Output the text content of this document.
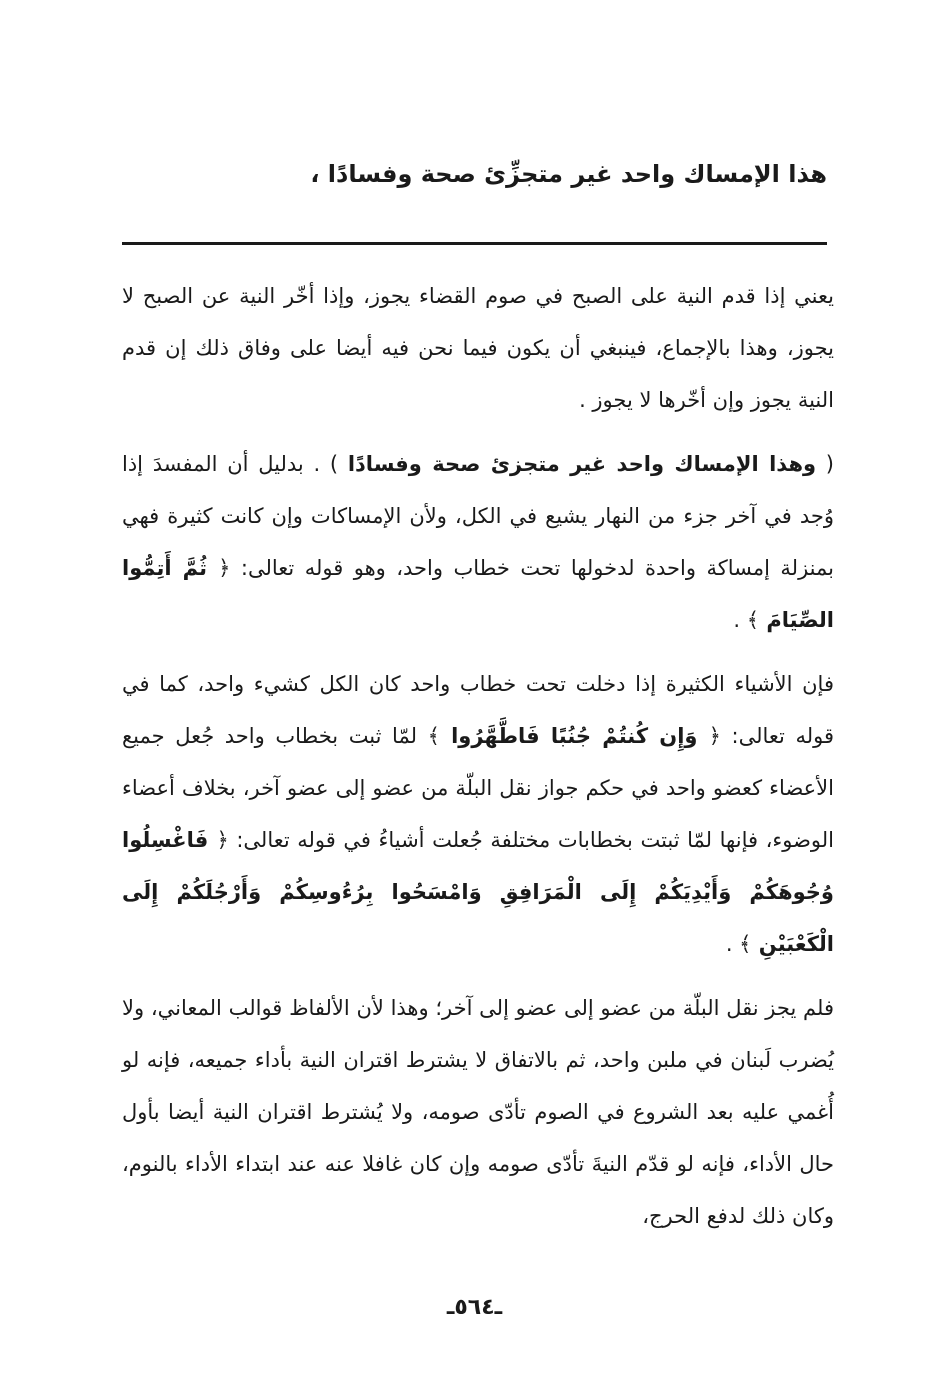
هذا الإمساك واحد غير متجزِّئ صحة وفسادًا ،

يعني إذا قدم النية على الصبح في صوم القضاء يجوز، وإذا أخّر النية عن الصبح لا يجوز، وهذا بالإجماع، فينبغي أن يكون فيما نحن فيه أيضا على وفاق ذلك إن قدم النية يجوز وإن أخّرها لا يجوز .

( وهذا الإمساك واحد غير متجزئ صحة وفسادًا ) . بدليل أن المفسدَ إذا وُجد في آخر جزء من النهار يشيع في الكل، ولأن الإمساكات وإن كانت كثيرة فهي بمنزلة إمساكة واحدة لدخولها تحت خطاب واحد، وهو قوله تعالى: ﴿ ثُمَّ أَتِمُّوا الصِّيَامَ ﴾ .

فإن الأشياء الكثيرة إذا دخلت تحت خطاب واحد كان الكل كشيء واحد، كما في قوله تعالى: ﴿ وَإِن كُنتُمْ جُنُبًا فَاطَّهَّرُوا ﴾ لمّا ثبت بخطاب واحد جُعل جميع الأعضاء كعضو واحد في حكم جواز نقل البلّة من عضو إلى عضو آخر، بخلاف أعضاء الوضوء، فإنها لمّا ثبتت بخطابات مختلفة جُعلت أشياءُ في قوله تعالى: ﴿ فَاغْسِلُوا وُجُوهَكُمْ وَأَيْدِيَكُمْ إِلَى الْمَرَافِقِ وَامْسَحُوا بِرُءُوسِكُمْ وَأَرْجُلَكُمْ إِلَى الْكَعْبَيْنِ ﴾ .

فلم يجز نقل البلّة من عضو إلى عضو إلى آخر؛ وهذا لأن الألفاظ قوالب المعاني، ولا يُضرب لَبنان في ملبن واحد، ثم بالاتفاق لا يشترط اقتران النية بأداء جميعه، فإنه لو أُغمي عليه بعد الشروع في الصوم تأدّى صومه، ولا يُشترط اقتران النية أيضا بأول حال الأداء، فإنه لو قدّم النيةَ تأدّى صومه وإن كان غافلا عنه عند ابتداء الأداء بالنوم، وكان ذلك لدفع الحرج،

ـ٥٦٤ـ
